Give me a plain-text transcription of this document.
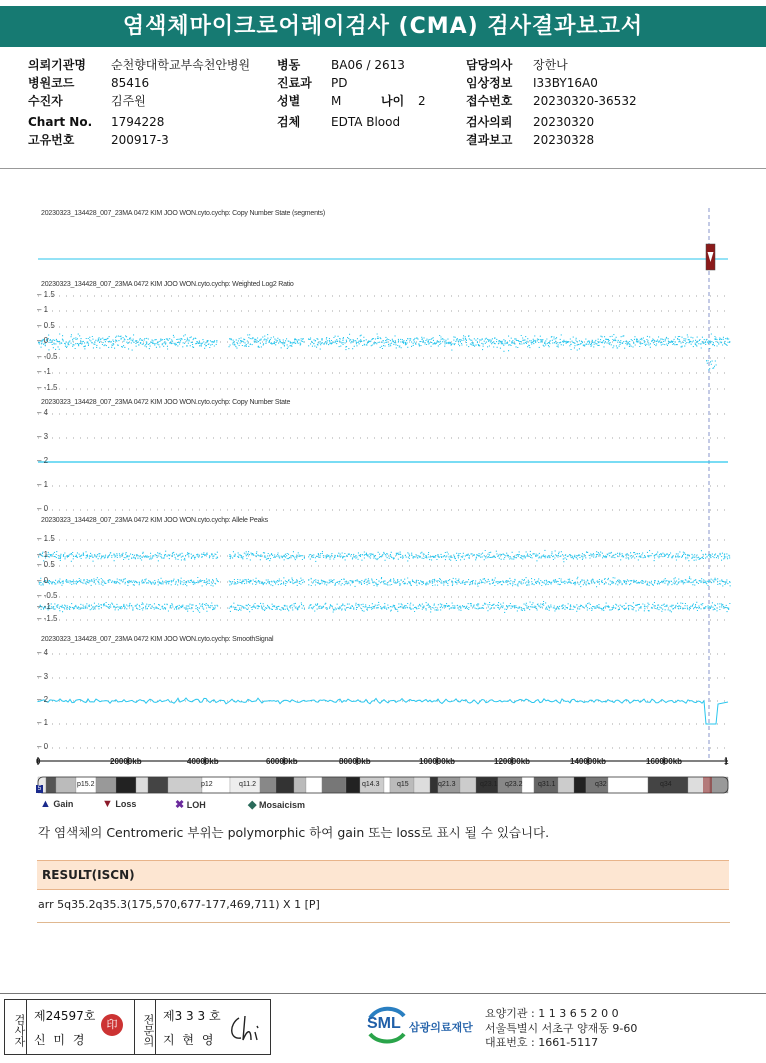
염색체마이크로어레이검사 (CMA) 검사결과보고서
의뢰기관명 순천향대학교부속천안병원
병원코드	85416
수진자	김주원
Chart No. 1794228
고유번호	200917-3
병동	BA06 / 2613
진료과 PD
성별	M	나이 2
검체	EDTA Blood
담당의사 장한나
임상정보 I33BY16A0
접수번호 20230320-36532
검사의뢰 20230320
결과보고 20230328
20230323_134428_007_23MA 0472 KIM JOO WON.cyto.cychp: Copy Number State (segments)
20230323_134428_007_23MA 0472 KIM JOO WON.cyto.cychp: Weighted Log2 Ratio
20230323_134428_007_23MA 0472 KIM JOO WON.cyto.cychp: Copy Number State
20230323_134428_007_23MA 0472 KIM JOO WON.cyto.cychp: Allele Peaks
20230323_134428_007_23MA 0472 KIM JOO WON.cyto.cychp: SmoothSignal
– 1.5
– 1
– 0.5
– 0
– -0.5
– -1
– -1.5
– 4
– 3
– 2
– 1
– 0
– 1.5
– 1
– 0.5
– 0
– -0.5
– -1
– -1.5
– 4
– 3
– 2
– 1
– 0
0	20000kb	40000kb	60000kb	80000kb	100000kb	120000kb	140000kb	160000kb	1
p15.2	p12	q11.2	q14.3 q15	q21.3	q23.1 q23.2 q31.1	q32	q34
5
▲ Gain	▼ Loss	✖ LOH	◆ Mosaicism
각 염색체의 Centromeric 부위는 polymorphic 하여 gain 또는 loss로 표시 될 수 있습니다.
RESULT(ISCN)
arr 5q35.2q35.3(175,570,677-177,469,711) X 1 [P]
검사자 제24597호
신 미 경
印	전문의 제3 3 3 호
지 현 영
SML 삼광의료재단
요양기관 : 1 1 3 6 5 2 0 0
서울특별시 서초구 양재동 9-60
대표번호 : 1661-5117
